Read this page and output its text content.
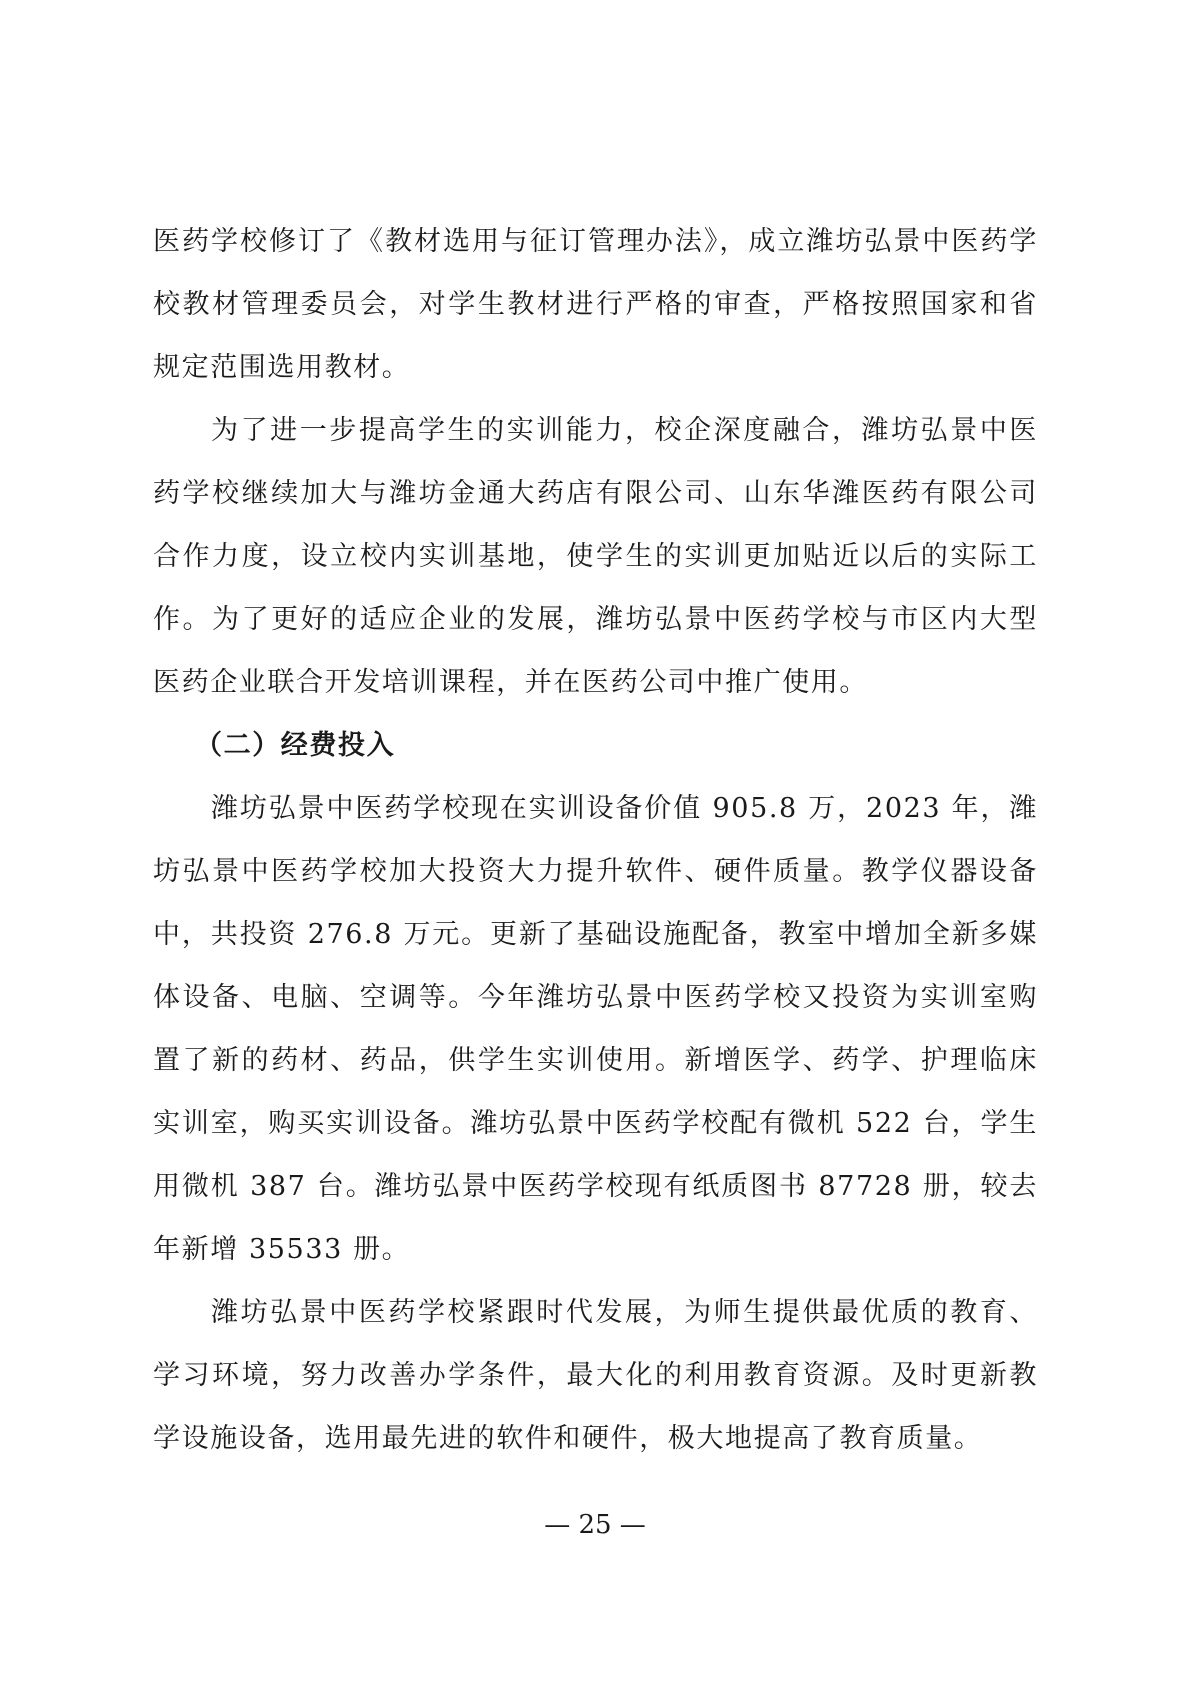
医药学校修订了《教材选用与征订管理办法》，成立潍坊弘景中医药学校教材管理委员会，对学生教材进行严格的审查，严格按照国家和省规定范围选用教材。

为了进一步提高学生的实训能力，校企深度融合，潍坊弘景中医药学校继续加大与潍坊金通大药店有限公司、山东华潍医药有限公司合作力度，设立校内实训基地，使学生的实训更加贴近以后的实际工作。为了更好的适应企业的发展，潍坊弘景中医药学校与市区内大型医药企业联合开发培训课程，并在医药公司中推广使用。

（二）经费投入

潍坊弘景中医药学校现在实训设备价值 905.8 万，2023 年，潍坊弘景中医药学校加大投资大力提升软件、硬件质量。教学仪器设备中，共投资 276.8 万元。更新了基础设施配备，教室中增加全新多媒体设备、电脑、空调等。今年潍坊弘景中医药学校又投资为实训室购置了新的药材、药品，供学生实训使用。新增医学、药学、护理临床实训室，购买实训设备。潍坊弘景中医药学校配有微机 522 台，学生用微机 387 台。潍坊弘景中医药学校现有纸质图书 87728 册，较去年新增 35533 册。

潍坊弘景中医药学校紧跟时代发展，为师生提供最优质的教育、学习环境，努力改善办学条件，最大化的利用教育资源。及时更新教学设施设备，选用最先进的软件和硬件，极大地提高了教育质量。

— 25 —
